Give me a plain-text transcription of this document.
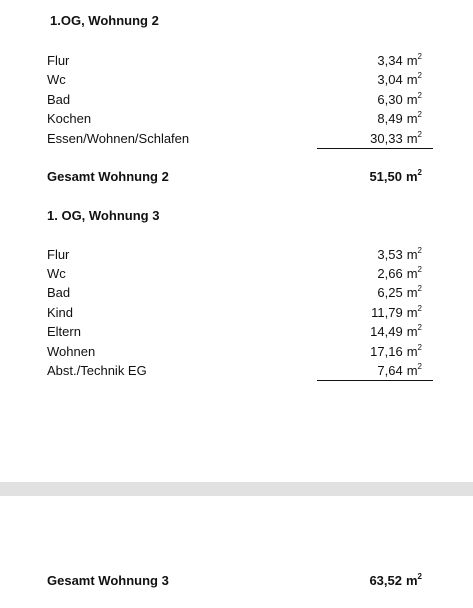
1.OG, Wohnung 2
Flur	3,34 $m^2$
Wc	3,04 $m^2$
Bad	6,30 $m^2$
Kochen	8,49 $m^2$
Essen/Wohnen/Schlafen	30,33 $m^2$
Gesamt Wohnung 2	51,50 $m^2$
1. OG, Wohnung 3
Flur	3,53 $m^2$
Wc	2,66 $m^2$
Bad	6,25 $m^2$
Kind	11,79 $m^2$
Eltern	14,49 $m^2$
Wohnen	17,16 $m^2$
Abst./Technik EG	7,64 $m^2$
Gesamt Wohnung 3	63,52 $m^2$
